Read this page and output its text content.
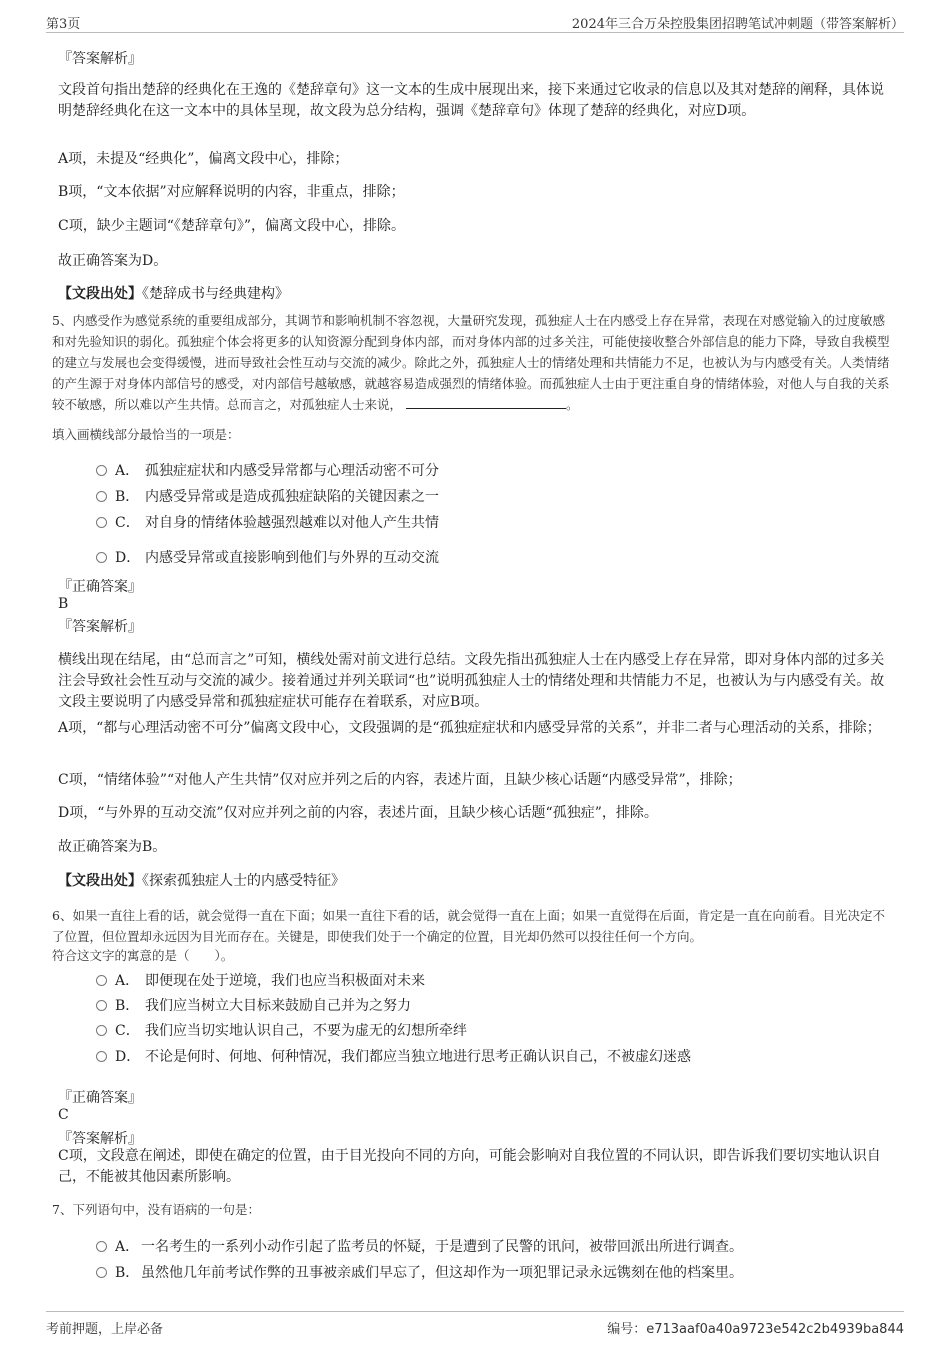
第3页	2024年三合万朵控股集团招聘笔试冲刺题（带答案解析）
『答案解析』
文段首句指出楚辞的经典化在王逸的《楚辞章句》这一文本的生成中展现出来，接下来通过它收录的信息以及其对楚辞的阐释，具体说明楚辞经典化在这一文本中的具体呈现，故文段为总分结构，强调《楚辞章句》体现了楚辞的经典化，对应D项。
A项，未提及“经典化”，偏离文段中心，排除；
B项，“文本依据”对应解释说明的内容，非重点，排除；
C项，缺少主题词“《楚辞章句》”，偏离文段中心，排除。
故正确答案为D。
【文段出处】《楚辞成书与经典建构》
5、内感受作为感觉系统的重要组成部分，其调节和影响机制不容忽视，大量研究发现，孤独症人士在内感受上存在异常，表现在对感觉输入的过度敏感和对先验知识的弱化。孤独症个体会将更多的认知资源分配到身体内部，而对身体内部的过多关注，可能使接收整合外部信息的能力下降，导致自我模型的建立与发展也会变得缓慢，进而导致社会性互动与交流的减少。除此之外，孤独症人士的情绪处理和共情能力不足，也被认为与内感受有关。人类情绪的产生源于对身体内部信号的感受，对内部信号越敏感，就越容易造成强烈的情绪体验。而孤独症人士由于更注重自身的情绪体验，对他人与自我的关系较不敏感，所以难以产生共情。总而言之，对孤独症人士来说，	。
填入画横线部分最恰当的一项是：
A． 孤独症症状和内感受异常都与心理活动密不可分
B． 内感受异常或是造成孤独症缺陷的关键因素之一
C． 对自身的情绪体验越强烈越难以对他人产生共情
D． 内感受异常或直接影响到他们与外界的互动交流
『正确答案』
B
『答案解析』
横线出现在结尾，由“总而言之”可知，横线处需对前文进行总结。文段先指出孤独症人士在内感受上存在异常，即对身体内部的过多关注会导致社会性互动与交流的减少。接着通过并列关联词“也”说明孤独症人士的情绪处理和共情能力不足，也被认为与内感受有关。故文段主要说明了内感受异常和孤独症症状可能存在着联系，对应B项。
A项，“都与心理活动密不可分”偏离文段中心，文段强调的是“孤独症症状和内感受异常的关系”，并非二者与心理活动的关系，排除；
C项，“情绪体验”“对他人产生共情”仅对应并列之后的内容，表述片面，且缺少核心话题“内感受异常”，排除；
D项，“与外界的互动交流”仅对应并列之前的内容，表述片面，且缺少核心话题“孤独症”，排除。
故正确答案为B。
【文段出处】《探索孤独症人士的内感受特征》
6、如果一直往上看的话，就会觉得一直在下面；如果一直往下看的话，就会觉得一直在上面；如果一直觉得在后面，肯定是一直在向前看。目光决定不了位置，但位置却永远因为目光而存在。关键是，即使我们处于一个确定的位置，目光却仍然可以投往任何一个方向。
符合这文字的寓意的是（　　）。
A． 即便现在处于逆境，我们也应当积极面对未来
B． 我们应当树立大目标来鼓励自己并为之努力
C． 我们应当切实地认识自己，不要为虚无的幻想所牵绊
D． 不论是何时、何地、何种情况，我们都应当独立地进行思考正确认识自己，不被虚幻迷惑
『正确答案』
C
『答案解析』
C项，文段意在阐述，即使在确定的位置，由于目光投向不同的方向，可能会影响对自我位置的不同认识，即告诉我们要切实地认识自己，不能被其他因素所影响。
7、下列语句中，没有语病的一句是：
A． 一名考生的一系列小动作引起了监考员的怀疑，于是遭到了民警的讯问，被带回派出所进行调查。
B． 虽然他几年前考试作弊的丑事被亲戚们早忘了，但这却作为一项犯罪记录永远镌刻在他的档案里。
考前押题，上岸必备	编号：e713aaf0a40a9723e542c2b4939ba844
